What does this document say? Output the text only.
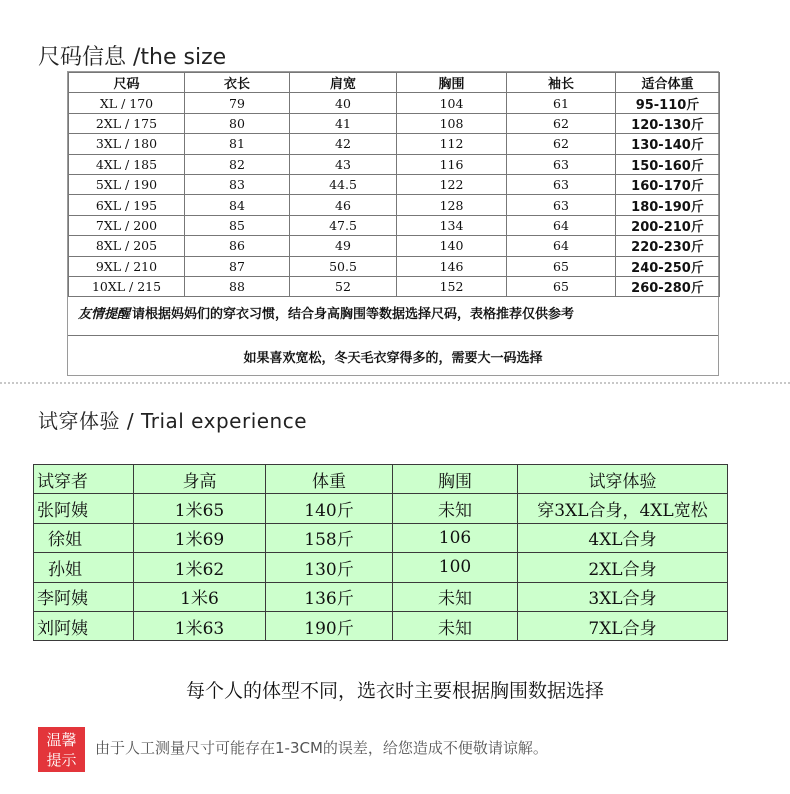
尺码信息 /the size
尺码	衣长	肩宽	胸围	袖长	适合体重
XL / 170	79	40	104	61	95-110斤
2XL / 175	80	41	108	62	120-130斤
3XL / 180	81	42	112	62	130-140斤
4XL / 185	82	43	116	63	150-160斤
5XL / 190	83	44.5	122	63	160-170斤
6XL / 195	84	46	128	63	180-190斤
7XL / 200	85	47.5	134	64	200-210斤
8XL / 205	86	49	140	64	220-230斤
9XL / 210	87	50.5	146	65	240-250斤
10XL / 215	88	52	152	65	260-280斤
友情提醒 请根据妈妈们的穿衣习惯，结合身高胸围等数据选择尺码，表格推荐仅供参考
如果喜欢宽松，冬天毛衣穿得多的，需要大一码选择
试穿体验 / Trial experience
试穿者	身高	体重	胸围	试穿体验
张阿姨	1米65	140斤	未知	穿3XL合身，4XL宽松
徐姐	1米69	158斤	106	4XL合身
孙姐	1米62	130斤	100	2XL合身
李阿姨	1米6	136斤	未知	3XL合身
刘阿姨	1米63	190斤	未知	7XL合身
每个人的体型不同，选衣时主要根据胸围数据选择
温馨
提示
由于人工测量尺寸可能存在1-3CM的误差，给您造成不便敬请谅解。
